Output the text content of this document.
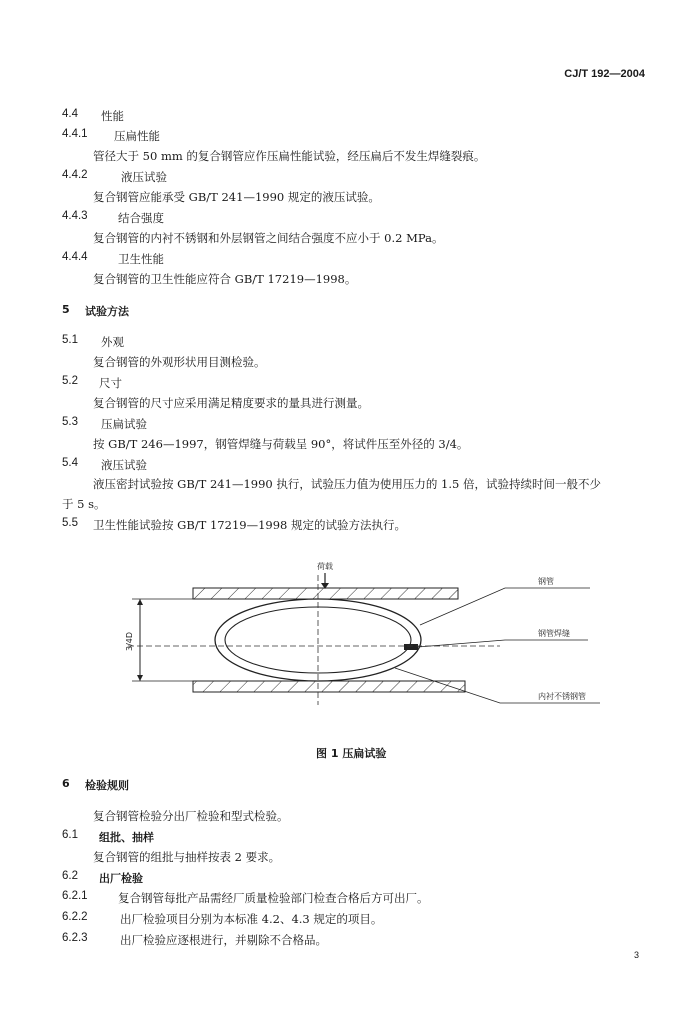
CJ/T 192—2004
4.4 性能
4.4.1 压扁性能
管径大于 50 mm 的复合钢管应作压扁性能试验，经压扁后不发生焊缝裂痕。
4.4.2	液压试验
复合钢管应能承受 GB/T 241—1990 规定的液压试验。
4.4.3	结合强度
复合钢管的内衬不锈钢和外层钢管之间结合强度不应小于 0.2 MPa。
4.4.4	卫生性能
复合钢管的卫生性能应符合 GB/T 17219—1998。
5 试验方法
5.1 外观
复合钢管的外观形状用目测检验。
5.2 尺寸
复合钢管的尺寸应采用满足精度要求的量具进行测量。
5.3 压扁试验
按 GB/T 246—1997，钢管焊缝与荷载呈 90°，将试件压至外径的 3/4。
5.4 液压试验
液压密封试验按 GB/T 241—1990 执行，试验压力值为使用压力的 1.5 倍，试验持续时间一般不少
于 5 s。
5.5 卫生性能试验按 GB/T 17219—1998 规定的试验方法执行。
荷载
3/4D
钢管
钢管焊缝
内衬不锈钢管
图 1 压扁试验
6 检验规则
复合钢管检验分出厂检验和型式检验。
6.1 组批、抽样
复合钢管的组批与抽样按表 2 要求。
6.2 出厂检验
6.2.1	复合钢管每批产品需经厂质量检验部门检查合格后方可出厂。
6.2.2	出厂检验项目分别为本标准 4.2、4.3 规定的项目。
6.2.3	出厂检验应逐根进行，并剔除不合格品。
3
